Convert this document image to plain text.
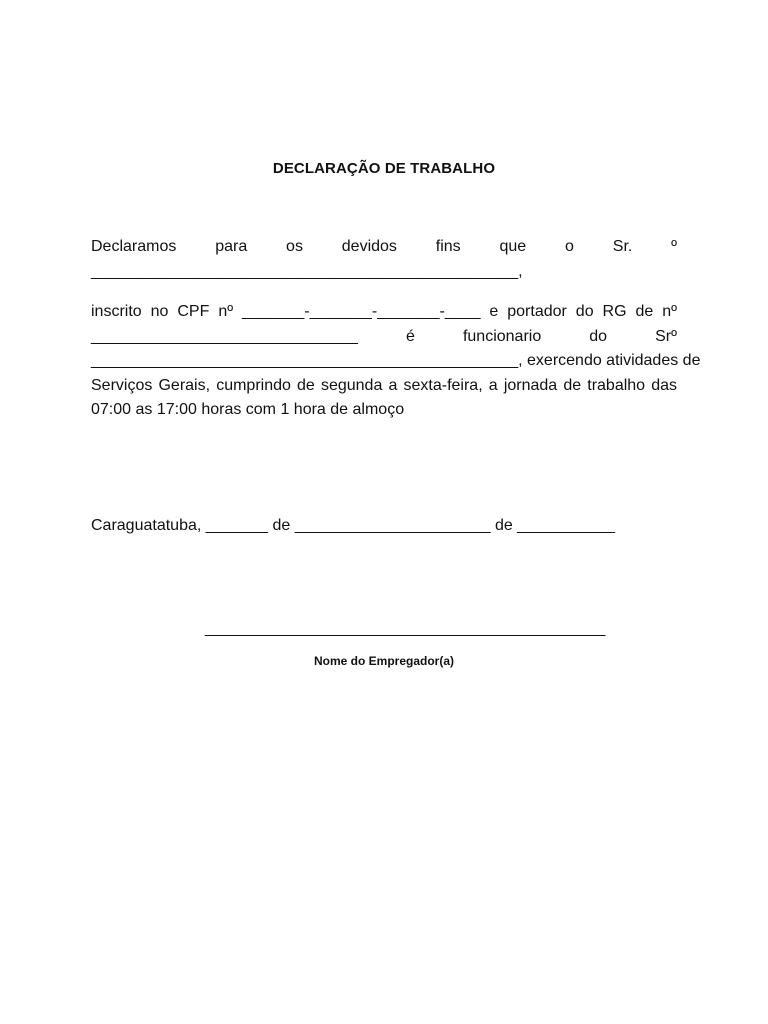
DECLARAÇÃO DE TRABALHO
Declaramos para os devidos fins que o Sr. º
________________________________________________,
inscrito no CPF nº _______-_______-_______-____ e portador do RG de nº
______________________________	é	funcionario	do	Srº
________________________________________________, exercendo atividades de
Serviços Gerais, cumprindo de segunda a sexta-feira, a jornada de trabalho das
07:00 as 17:00 horas com 1 hora de almoço
Caraguatatuba, _______ de ______________________ de ___________
_____________________________________________
Nome do Empregador(a)
